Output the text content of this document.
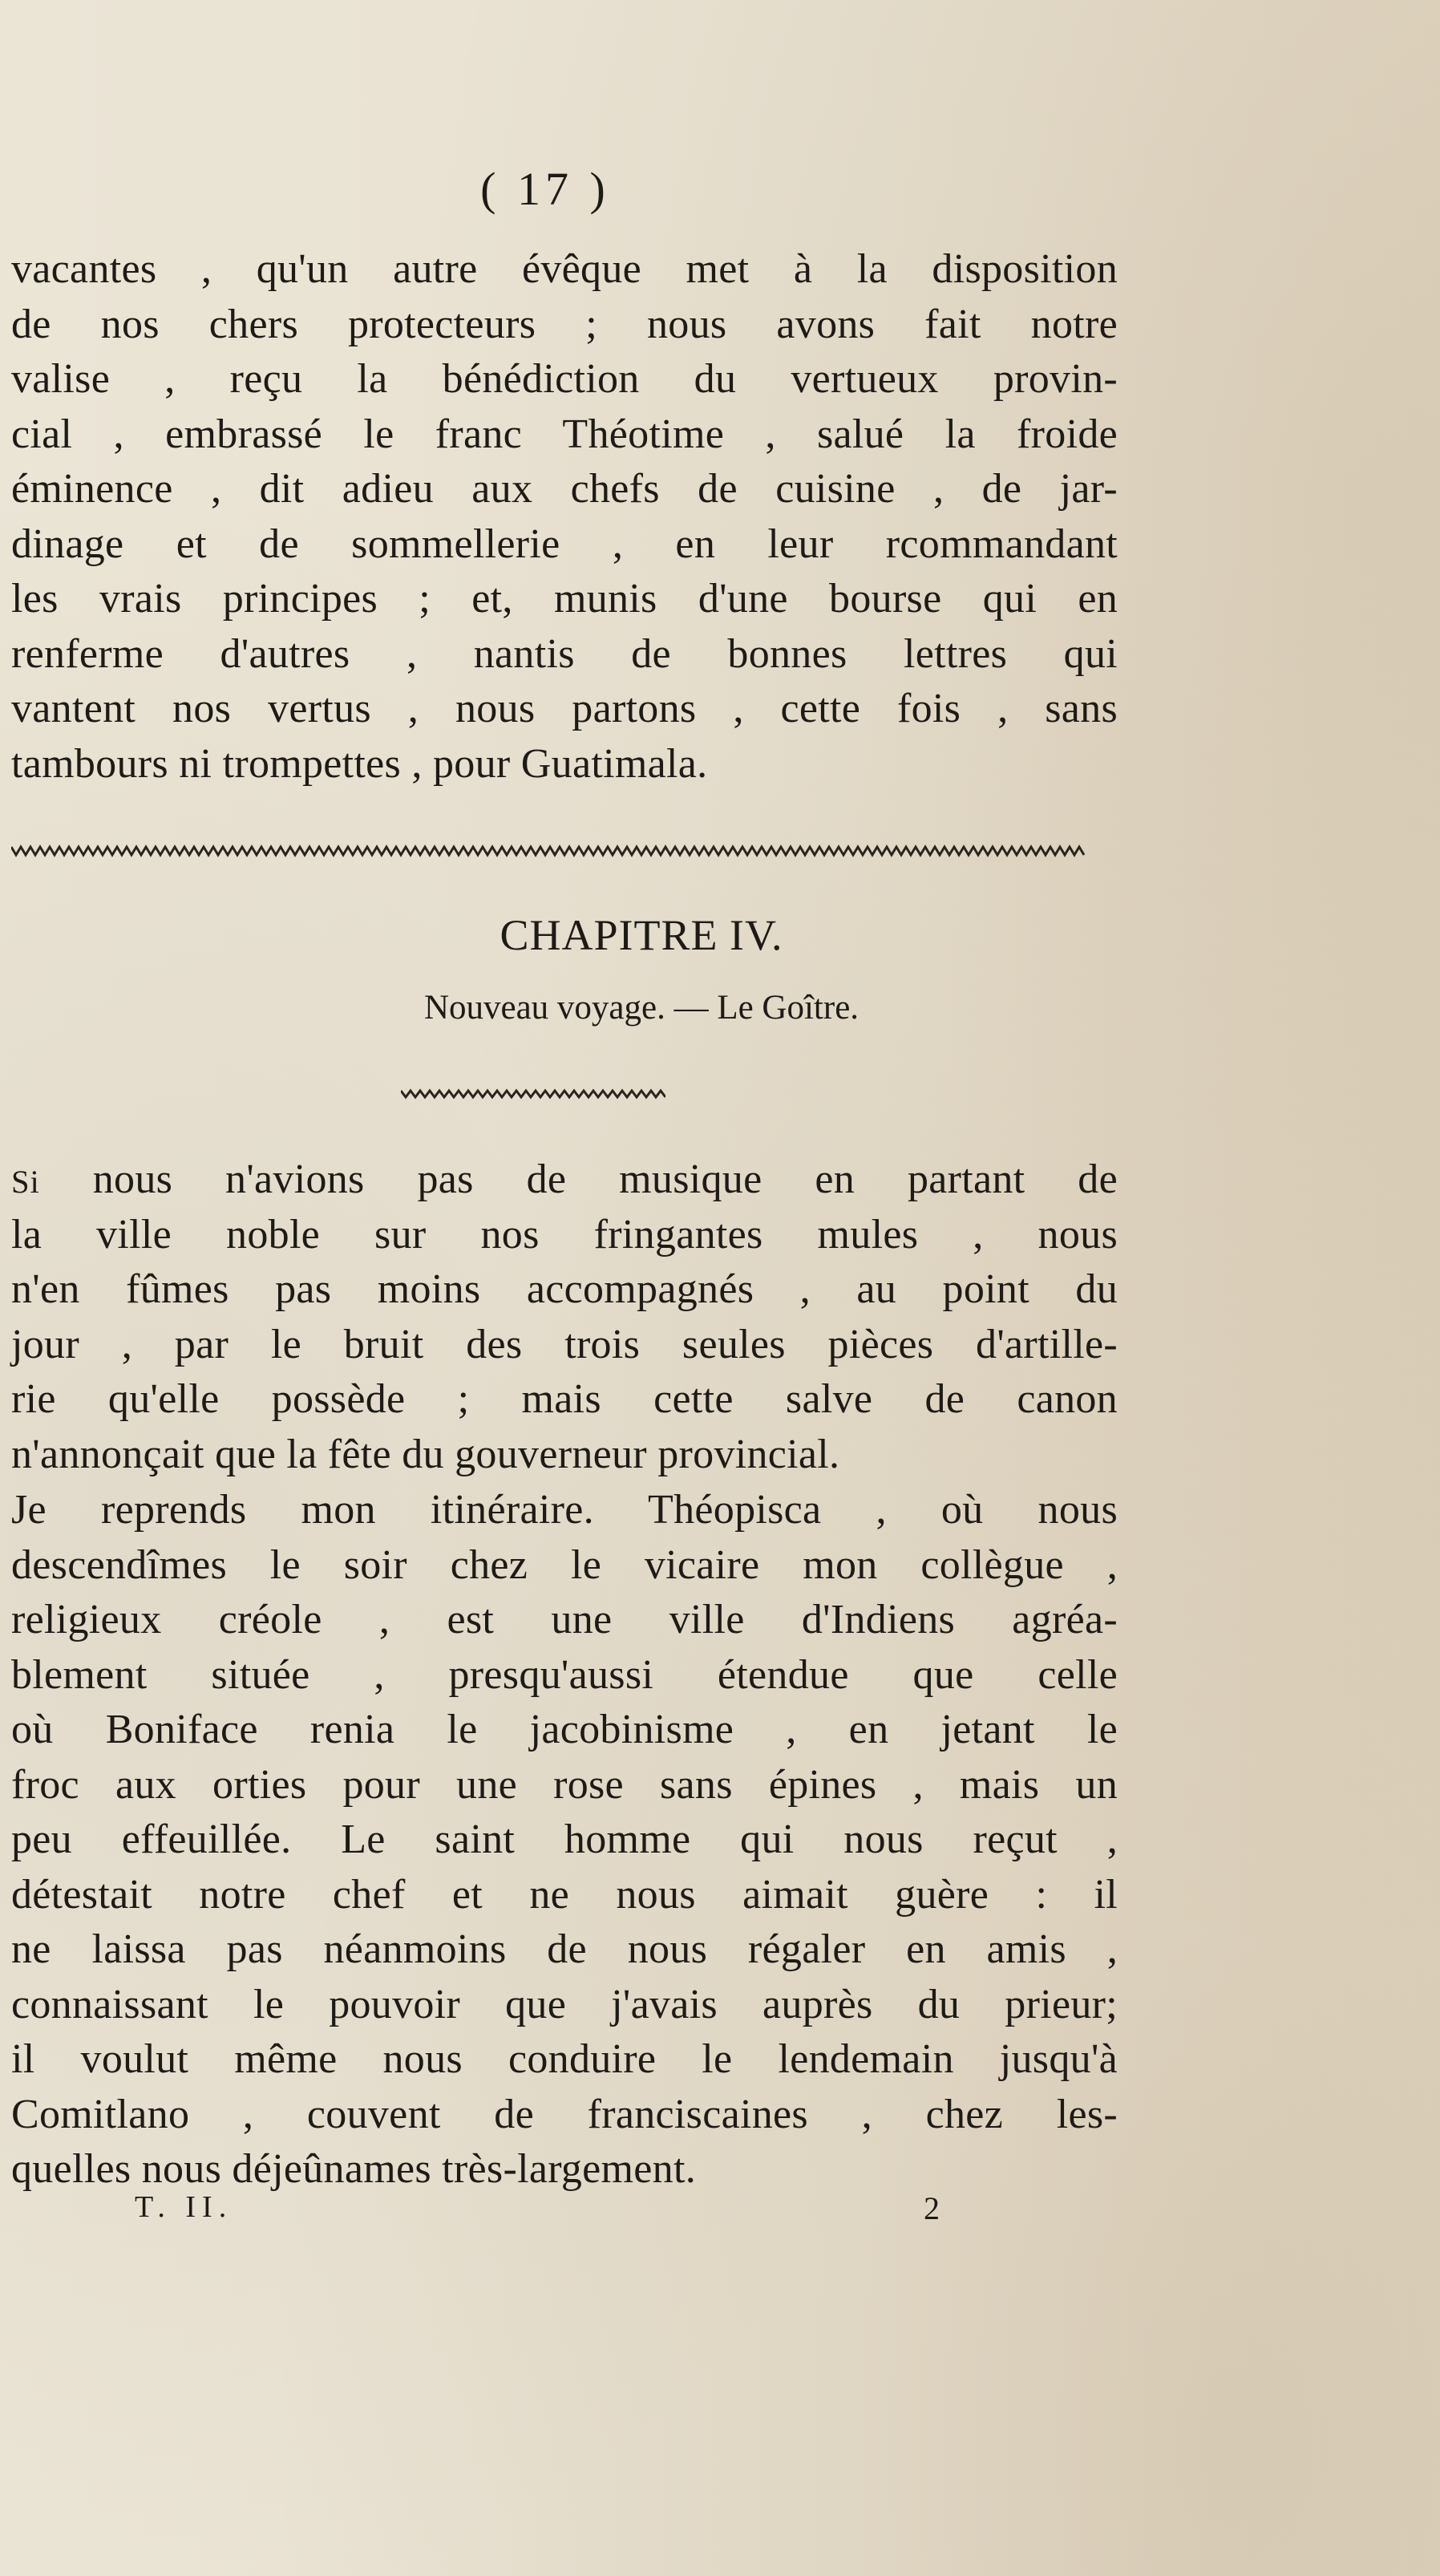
( 17 )
vacantes , qu'un autre évêque met à la disposition
de nos chers protecteurs ; nous avons fait notre
valise , reçu la bénédiction du vertueux provin-
cial , embrassé le franc Théotime , salué la froide
éminence , dit adieu aux chefs de cuisine , de jar-
dinage et de sommellerie , en leur rcommandant
les vrais principes ; et, munis d'une bourse qui en
renferme d'autres , nantis de bonnes lettres qui
vantent nos vertus , nous partons , cette fois , sans
tambours ni trompettes , pour Guatimala.
CHAPITRE IV.
Nouveau voyage. — Le Goître.
Si nous n'avions pas de musique en partant de
la ville noble sur nos fringantes mules , nous
n'en fûmes pas moins accompagnés , au point du
jour , par le bruit des trois seules pièces d'artille-
rie qu'elle possède ; mais cette salve de canon
n'annonçait que la fête du gouverneur provincial.
Je reprends mon itinéraire. Théopisca , où nous
descendîmes le soir chez le vicaire mon collègue ,
religieux créole , est une ville d'Indiens agréa-
blement située , presqu'aussi étendue que celle
où Boniface renia le jacobinisme , en jetant le
froc aux orties pour une rose sans épines , mais un
peu effeuillée. Le saint homme qui nous reçut ,
détestait notre chef et ne nous aimait guère : il
ne laissa pas néanmoins de nous régaler en amis ,
connaissant le pouvoir que j'avais auprès du prieur;
il voulut même nous conduire le lendemain jusqu'à
Comitlano , couvent de franciscaines , chez les-
quelles nous déjeûnames très-largement.
T. II.	2
